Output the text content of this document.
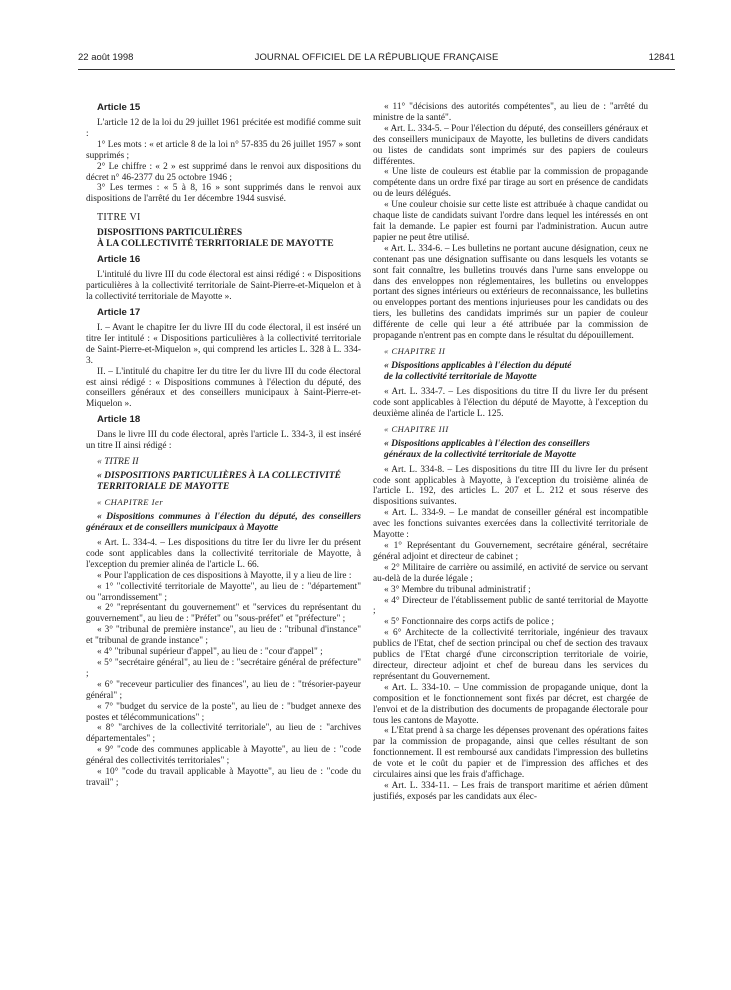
22 août 1998	JOURNAL OFFICIEL DE LA RÉPUBLIQUE FRANÇAISE	12841

Article 15

L'article 12 de la loi du 29 juillet 1961 précitée est modifié comme suit :

1° Les mots : « et article 8 de la loi n° 57-835 du 26 juillet 1957 » sont supprimés ;

2° Le chiffre : « 2 » est supprimé dans le renvoi aux dispositions du décret n° 46-2377 du 25 octobre 1946 ;

3° Les termes : « 5 à 8, 16 » sont supprimés dans le renvoi aux dispositions de l'arrêté du 1er décembre 1944 susvisé.

TITRE VI

DISPOSITIONS PARTICULIÈRES

À LA COLLECTIVITÉ TERRITORIALE DE MAYOTTE

Article 16

L'intitulé du livre III du code électoral est ainsi rédigé : « Dispositions particulières à la collectivité territoriale de Saint-Pierre-et-Miquelon et à la collectivité territoriale de Mayotte ».

Article 17

I. – Avant le chapitre Ier du livre III du code électoral, il est inséré un titre Ier intitulé : « Dispositions particulières à la collectivité territoriale de Saint-Pierre-et-Miquelon », qui comprend les articles L. 328 à L. 334-3.

II. – L'intitulé du chapitre Ier du titre Ier du livre III du code électoral est ainsi rédigé : « Dispositions communes à l'élection du député, des conseillers généraux et des conseillers municipaux à Saint-Pierre-et-Miquelon ».

Article 18

Dans le livre III du code électoral, après l'article L. 334-3, il est inséré un titre II ainsi rédigé :

« TITRE II

« DISPOSITIONS PARTICULIÈRES À LA COLLECTIVITÉ

TERRITORIALE DE MAYOTTE

« CHAPITRE Ier

« Dispositions communes à l'élection du député, des conseillers généraux et de conseillers municipaux à Mayotte

« Art. L. 334-4. – Les dispositions du titre Ier du livre Ier du présent code sont applicables dans la collectivité territoriale de Mayotte, à l'exception du premier alinéa de l'article L. 66.

« Pour l'application de ces dispositions à Mayotte, il y a lieu de lire :

« 1° "collectivité territoriale de Mayotte", au lieu de : "département" ou "arrondissement" ;

« 2° "représentant du gouvernement" et "services du représentant du gouvernement", au lieu de : "Préfet" ou "sous-préfet" et "préfecture" ;

« 3° "tribunal de première instance", au lieu de : "tribunal d'instance" et "tribunal de grande instance" ;

« 4° "tribunal supérieur d'appel", au lieu de : "cour d'appel" ;

« 5° "secrétaire général", au lieu de : "secrétaire général de préfecture" ;

« 6° "receveur particulier des finances", au lieu de : "trésorier-payeur général" ;

« 7° "budget du service de la poste", au lieu de : "budget annexe des postes et télécommunications" ;

« 8° "archives de la collectivité territoriale", au lieu de : "archives départementales" ;

« 9° "code des communes applicable à Mayotte", au lieu de : "code général des collectivités territoriales" ;

« 10° "code du travail applicable à Mayotte", au lieu de : "code du travail" ;

« 11° "décisions des autorités compétentes", au lieu de : "arrêté du ministre de la santé".

« Art. L. 334-5. – Pour l'élection du député, des conseillers généraux et des conseillers municipaux de Mayotte, les bulletins de divers candidats ou listes de candidats sont imprimés sur des papiers de couleurs différentes.

« Une liste de couleurs est établie par la commission de propagande compétente dans un ordre fixé par tirage au sort en présence de candidats ou de leurs délégués.

« Une couleur choisie sur cette liste est attribuée à chaque candidat ou chaque liste de candidats suivant l'ordre dans lequel les intéressés en ont fait la demande. Le papier est fourni par l'administration. Aucun autre papier ne peut être utilisé.

« Art. L. 334-6. – Les bulletins ne portant aucune désignation, ceux ne contenant pas une désignation suffisante ou dans lesquels les votants se sont fait connaître, les bulletins trouvés dans l'urne sans enveloppe ou dans des enveloppes non réglementaires, les bulletins ou enveloppes portant des signes intérieurs ou extérieurs de reconnaissance, les bulletins ou enveloppes portant des mentions injurieuses pour les candidats ou des tiers, les bulletins des candidats imprimés sur un papier de couleur différente de celle qui leur a été attribuée par la commission de propagande n'entrent pas en compte dans le résultat du dépouillement.

« CHAPITRE II

« Dispositions applicables à l'élection du député

de la collectivité territoriale de Mayotte

« Art. L. 334-7. – Les dispositions du titre II du livre Ier du présent code sont applicables à l'élection du député de Mayotte, à l'exception du deuxième alinéa de l'article L. 125.

« CHAPITRE III

« Dispositions applicables à l'élection des conseillers

généraux de la collectivité territoriale de Mayotte

« Art. L. 334-8. – Les dispositions du titre III du livre Ier du présent code sont applicables à Mayotte, à l'exception du troisième alinéa de l'article L. 192, des articles L. 207 et L. 212 et sous réserve des dispositions suivantes.

« Art. L. 334-9. – Le mandat de conseiller général est incompatible avec les fonctions suivantes exercées dans la collectivité territoriale de Mayotte :

« 1° Représentant du Gouvernement, secrétaire général, secrétaire général adjoint et directeur de cabinet ;

« 2° Militaire de carrière ou assimilé, en activité de service ou servant au-delà de la durée légale ;

« 3° Membre du tribunal administratif ;

« 4° Directeur de l'établissement public de santé territorial de Mayotte ;

« 5° Fonctionnaire des corps actifs de police ;

« 6° Architecte de la collectivité territoriale, ingénieur des travaux publics de l'Etat, chef de section principal ou chef de section des travaux publics de l'Etat chargé d'une circonscription territoriale de voirie, directeur, directeur adjoint et chef de bureau dans les services du représentant du Gouvernement.

« Art. L. 334-10. – Une commission de propagande unique, dont la composition et le fonctionnement sont fixés par décret, est chargée de l'envoi et de la distribution des documents de propagande électorale pour tous les cantons de Mayotte.

« L'Etat prend à sa charge les dépenses provenant des opérations faites par la commission de propagande, ainsi que celles résultant de son fonctionnement. Il est remboursé aux candidats l'impression des bulletins de vote et le coût du papier et de l'impression des affiches et des circulaires ainsi que les frais d'affichage.

« Art. L. 334-11. – Les frais de transport maritime et aérien dûment justifiés, exposés par les candidats aux élec-
